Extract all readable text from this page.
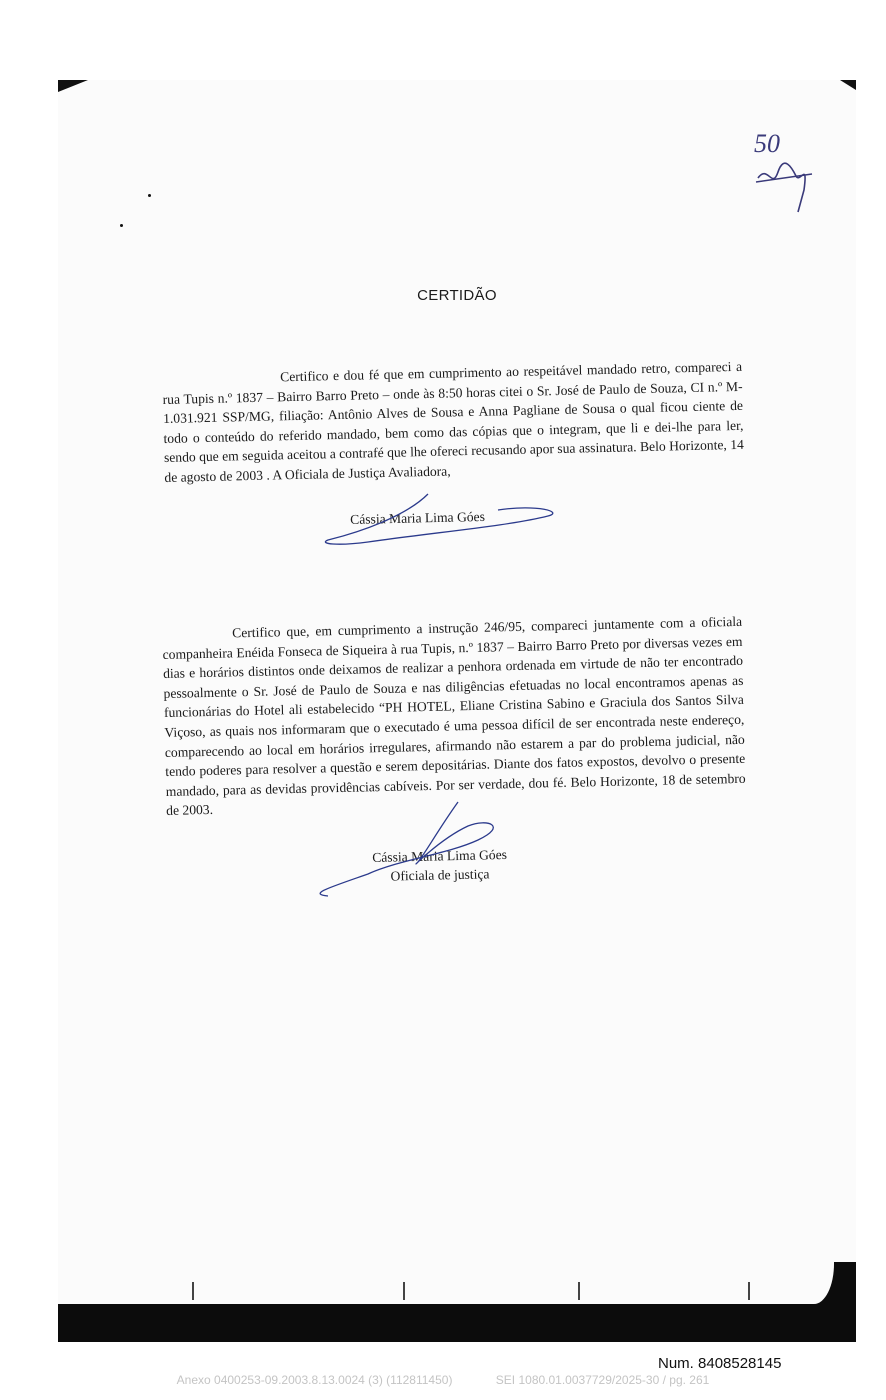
50
CERTIDÃO
Certifico e dou fé que em cumprimento ao respeitável mandado retro, compareci a rua Tupis n.º 1837 – Bairro Barro Preto – onde às 8:50 horas citei o Sr. José de Paulo de Souza, CI n.º M-1.031.921 SSP/MG, filiação: Antônio Alves de Sousa e Anna Pagliane de Sousa o qual ficou ciente de todo o conteúdo do referido mandado, bem como das cópias que o integram, que li e dei-lhe para ler, sendo que em seguida aceitou a contrafé que lhe ofereci recusando apor sua assinatura. Belo Horizonte, 14 de agosto de 2003 . A Oficiala de Justiça Avaliadora,
Cássia Maria Lima Góes
Certifico que, em cumprimento a instrução 246/95, compareci juntamente com a oficiala companheira Enéida Fonseca de Siqueira à rua Tupis, n.º 1837 – Bairro Barro Preto por diversas vezes em dias e horários distintos onde deixamos de realizar a penhora ordenada em virtude de não ter encontrado pessoalmente o Sr. José de Paulo de Souza e nas diligências efetuadas no local encontramos apenas as funcionárias do Hotel ali estabelecido “PH HOTEL, Eliane Cristina Sabino e Graciula dos Santos Silva Viçoso, as quais nos informaram que o executado é uma pessoa difícil de ser encontrada neste endereço, comparecendo ao local em horários irregulares, afirmando não estarem a par do problema judicial, não tendo poderes para resolver a questão e serem depositárias. Diante dos fatos expostos, devolvo o presente mandado, para as devidas providências cabíveis. Por ser verdade, dou fé. Belo Horizonte, 18 de setembro de 2003.
Cássia Maria Lima Góes
Oficiala de justiça
Num. 8408528145
Anexo 0400253-09.2003.8.13.0024 (3) (112811450)	SEI 1080.01.0037729/2025-30 / pg. 261
